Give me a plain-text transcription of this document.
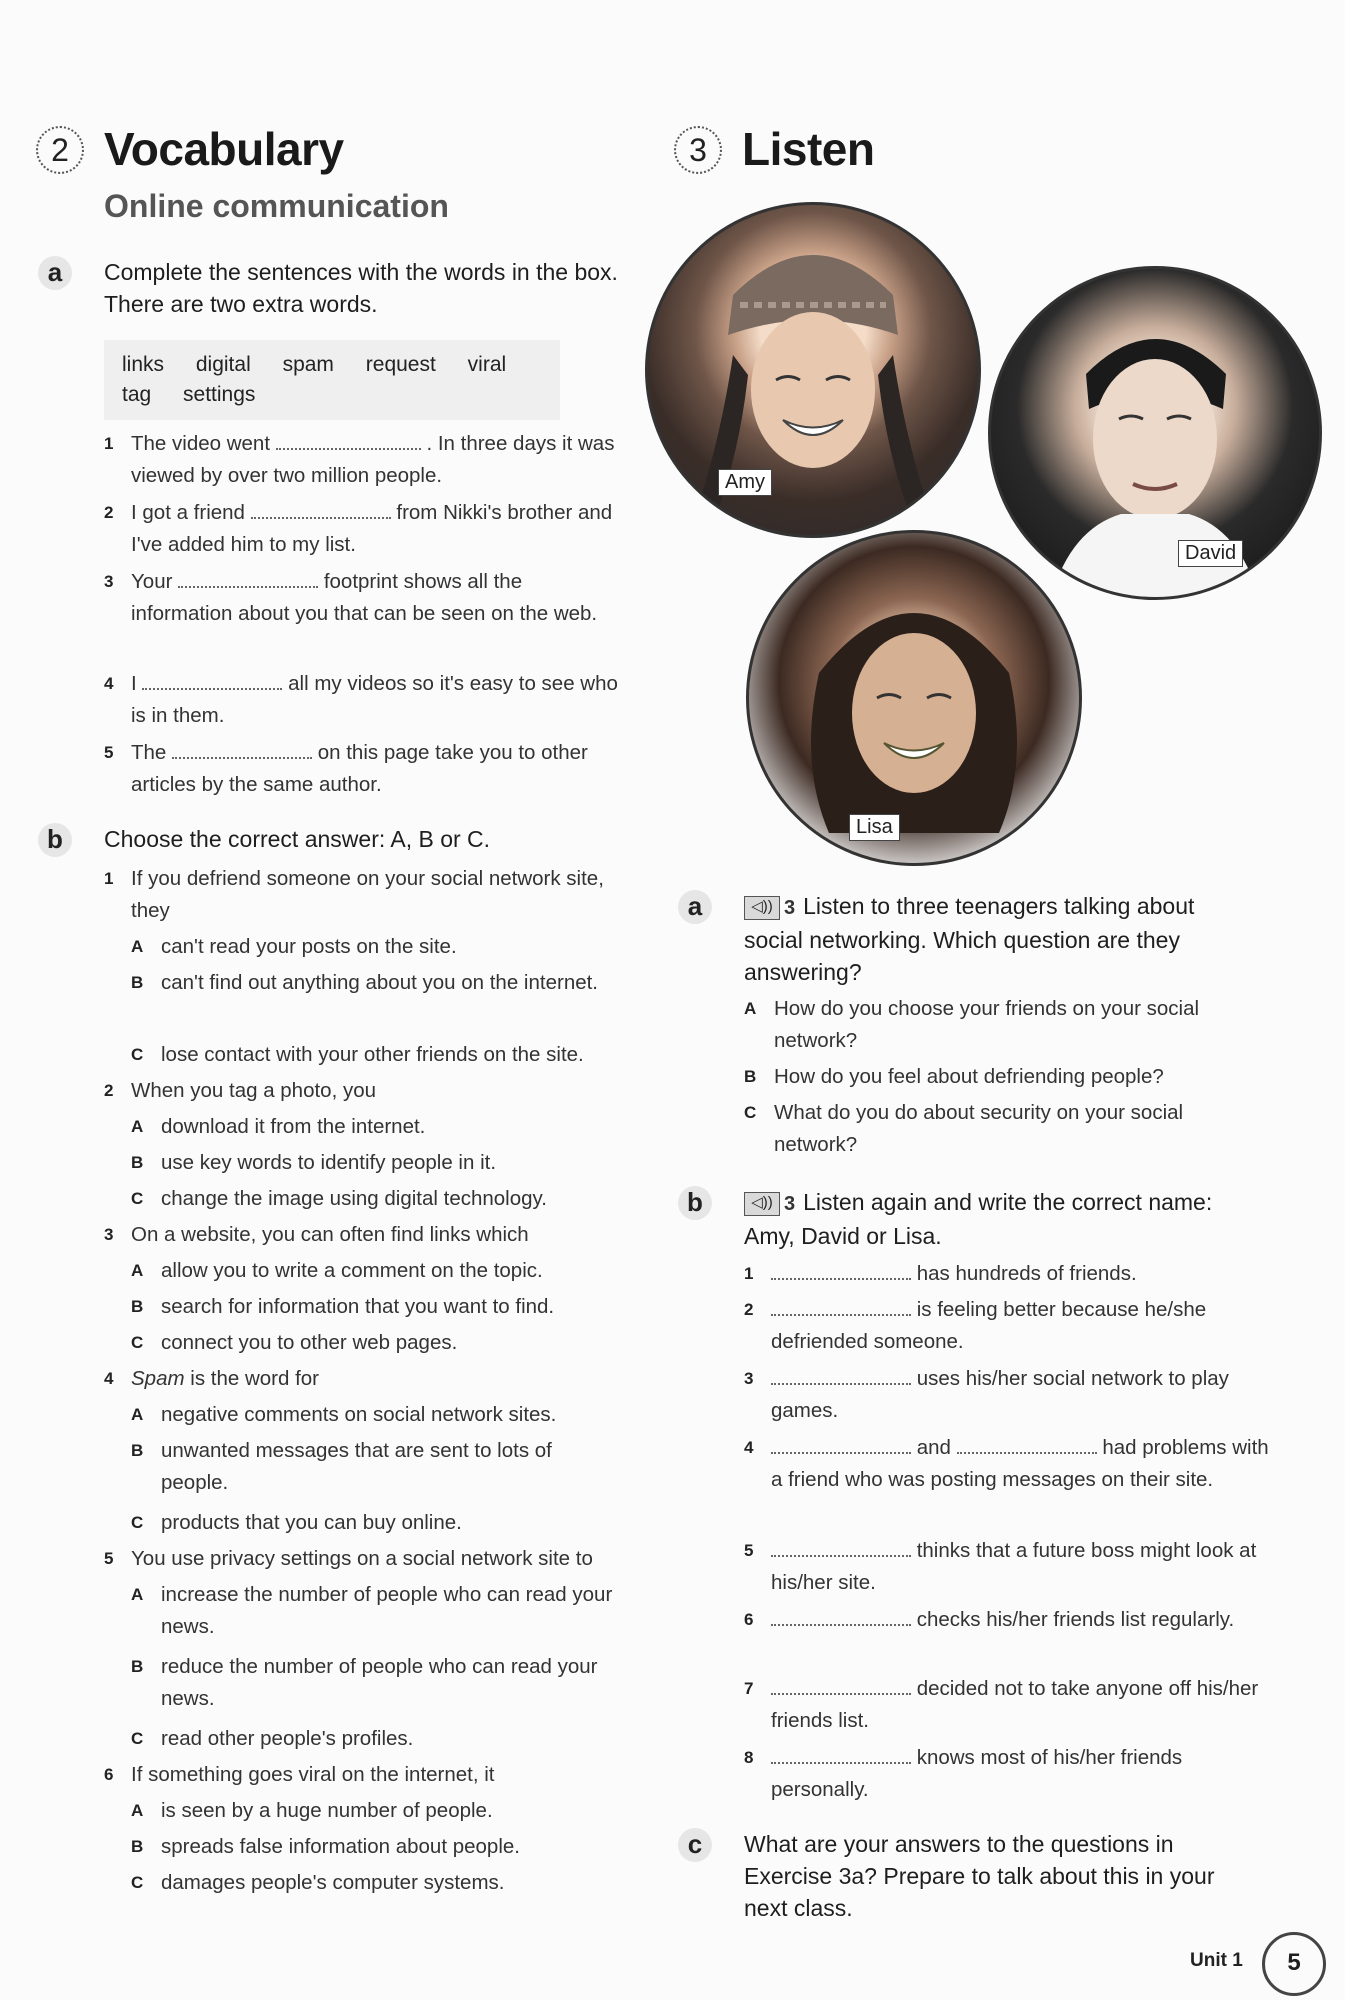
2 Vocabulary
Online communication
a	Complete the sentences with the words in the box. There are two extra words.
links digital spam request viral
tag settings
1 The video went	. In three days it was viewed by over two million people.
2 I got a friend	from Nikki's brother and I've added him to my list.
3 Your	footprint shows all the information about you that can be seen on the web.
4 I	all my videos so it's easy to see who is in them.
5 The	on this page take you to other articles by the same author.
b	Choose the correct answer: A, B or C.
1 If you defriend someone on your social network site, they
A can't read your posts on the site.
B can't find out anything about you on the internet.
C lose contact with your other friends on the site.
2 When you tag a photo, you
A download it from the internet.
B use key words to identify people in it.
C change the image using digital technology.
3 On a website, you can often find links which
A allow you to write a comment on the topic.
B search for information that you want to find.
C connect you to other web pages.
4 Spam is the word for
A negative comments on social network sites.
B unwanted messages that are sent to lots of people.
C products that you can buy online.
5 You use privacy settings on a social network site to
A increase the number of people who can read your news.
B reduce the number of people who can read your news.
C read other people's profiles.
6 If something goes viral on the internet, it
A is seen by a huge number of people.
B spreads false information about people.
C damages people's computer systems.
3 Listen
Amy
David
Lisa
a	◁)) 3 Listen to three teenagers talking about social networking. Which question are they answering?
A How do you choose your friends on your social network?
B How do you feel about defriending people?
C What do you do about security on your social network?
b	◁)) 3 Listen again and write the correct name: Amy, David or Lisa.
1	has hundreds of friends.
2	is feeling better because he/she defriended someone.
3	uses his/her social network to play games.
4	and	had problems with a friend who was posting messages on their site.
5	thinks that a future boss might look at his/her site.
6	checks his/her friends list regularly.
7	decided not to take anyone off his/her friends list.
8	knows most of his/her friends personally.
c	What are your answers to the questions in Exercise 3a? Prepare to talk about this in your next class.
Unit 1	5
